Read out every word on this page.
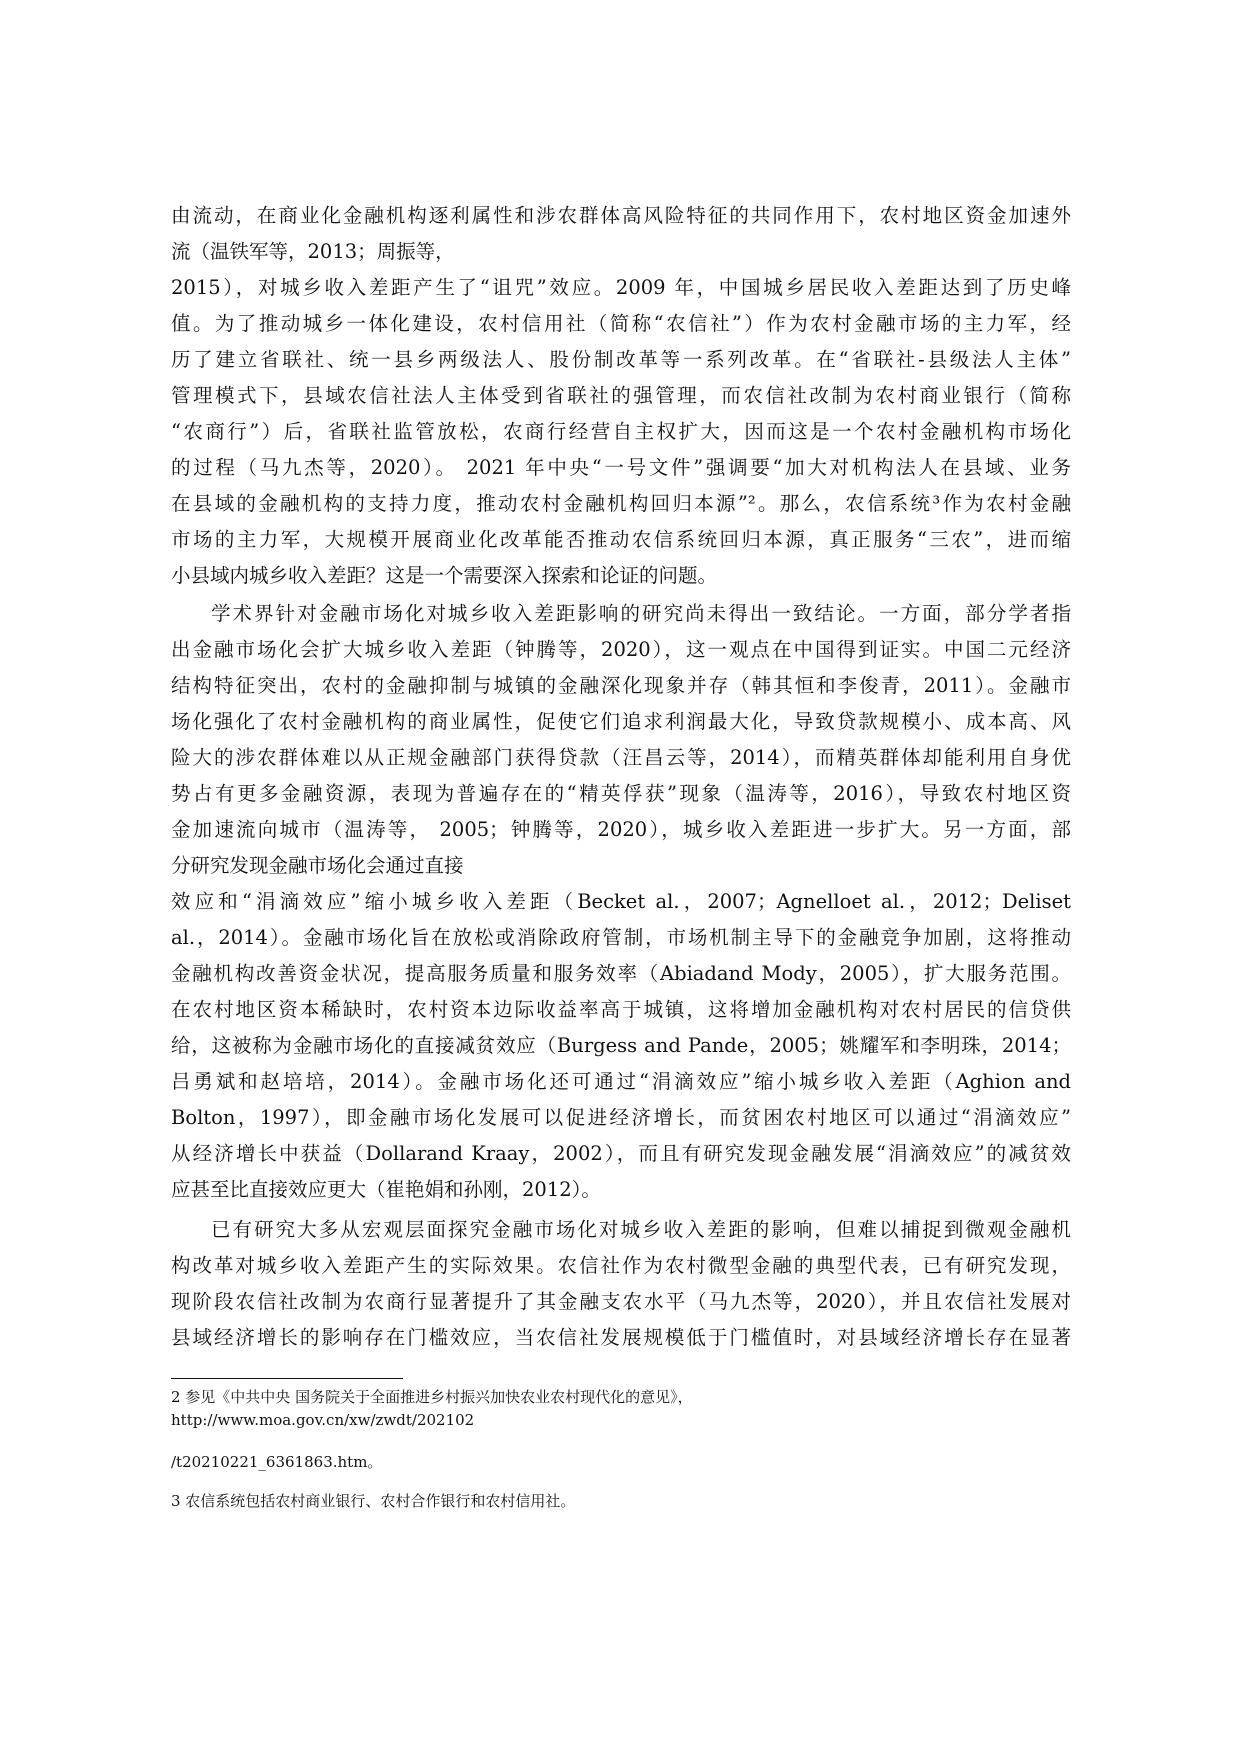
由流动，在商业化金融机构逐利属性和涉农群体高风险特征的共同作用下，农村地区资金加速外
流（温铁军等，2013；周振等，
2015），对城乡收入差距产生了“诅咒”效应。2009 年，中国城乡居民收入差距达到了历史峰
值。为了推动城乡一体化建设，农村信用社（简称“农信社”）作为农村金融市场的主力军，经
历了建立省联社、统一县乡两级法人、股份制改革等一系列改革。在“省联社-县级法人主体”
管理模式下，县域农信社法人主体受到省联社的强管理，而农信社改制为农村商业银行（简称
“农商行”）后，省联社监管放松，农商行经营自主权扩大，因而这是一个农村金融机构市场化
的过程（马九杰等，2020）。 2021 年中央“一号文件”强调要“加大对机构法人在县域、业务
在县域的金融机构的支持力度，推动农村金融机构回归本源”²。那么，农信系统³作为农村金融
市场的主力军，大规模开展商业化改革能否推动农信系统回归本源，真正服务“三农”，进而缩
小县域内城乡收入差距？这是一个需要深入探索和论证的问题。
学术界针对金融市场化对城乡收入差距影响的研究尚未得出一致结论。一方面，部分学者指
出金融市场化会扩大城乡收入差距（钟腾等，2020），这一观点在中国得到证实。中国二元经济
结构特征突出，农村的金融抑制与城镇的金融深化现象并存（韩其恒和李俊青，2011）。金融市
场化强化了农村金融机构的商业属性，促使它们追求利润最大化，导致贷款规模小、成本高、风
险大的涉农群体难以从正规金融部门获得贷款（汪昌云等，2014），而精英群体却能利用自身优
势占有更多金融资源，表现为普遍存在的“精英俘获”现象（温涛等，2016），导致农村地区资
金加速流向城市（温涛等， 2005；钟腾等，2020），城乡收入差距进一步扩大。另一方面，部
分研究发现金融市场化会通过直接
效应和“涓滴效应”缩小城乡收入差距（Becket al.，2007；Agnelloet al.，2012；Deliset
al.，2014）。金融市场化旨在放松或消除政府管制，市场机制主导下的金融竞争加剧，这将推动
金融机构改善资金状况，提高服务质量和服务效率（Abiadand Mody，2005），扩大服务范围。
在农村地区资本稀缺时，农村资本边际收益率高于城镇，这将增加金融机构对农村居民的信贷供
给，这被称为金融市场化的直接减贫效应（Burgess and Pande，2005；姚耀军和李明珠，2014；
吕勇斌和赵培培，2014）。金融市场化还可通过“涓滴效应”缩小城乡收入差距（Aghion and
Bolton，1997），即金融市场化发展可以促进经济增长，而贫困农村地区可以通过“涓滴效应”
从经济增长中获益（Dollarand Kraay，2002），而且有研究发现金融发展“涓滴效应”的减贫效
应甚至比直接效应更大（崔艳娟和孙刚，2012）。
已有研究大多从宏观层面探究金融市场化对城乡收入差距的影响，但难以捕捉到微观金融机
构改革对城乡收入差距产生的实际效果。农信社作为农村微型金融的典型代表，已有研究发现，
现阶段农信社改制为农商行显著提升了其金融支农水平（马九杰等，2020），并且农信社发展对
县域经济增长的影响存在门槛效应，当农信社发展规模低于门槛值时，对县域经济增长存在显著
2 参见《中共中央 国务院关于全面推进乡村振兴加快农业农村现代化的意见》，
http://www.moa.gov.cn/xw/zwdt/202102
/t20210221_6361863.htm。
3 农信系统包括农村商业银行、农村合作银行和农村信用社。
